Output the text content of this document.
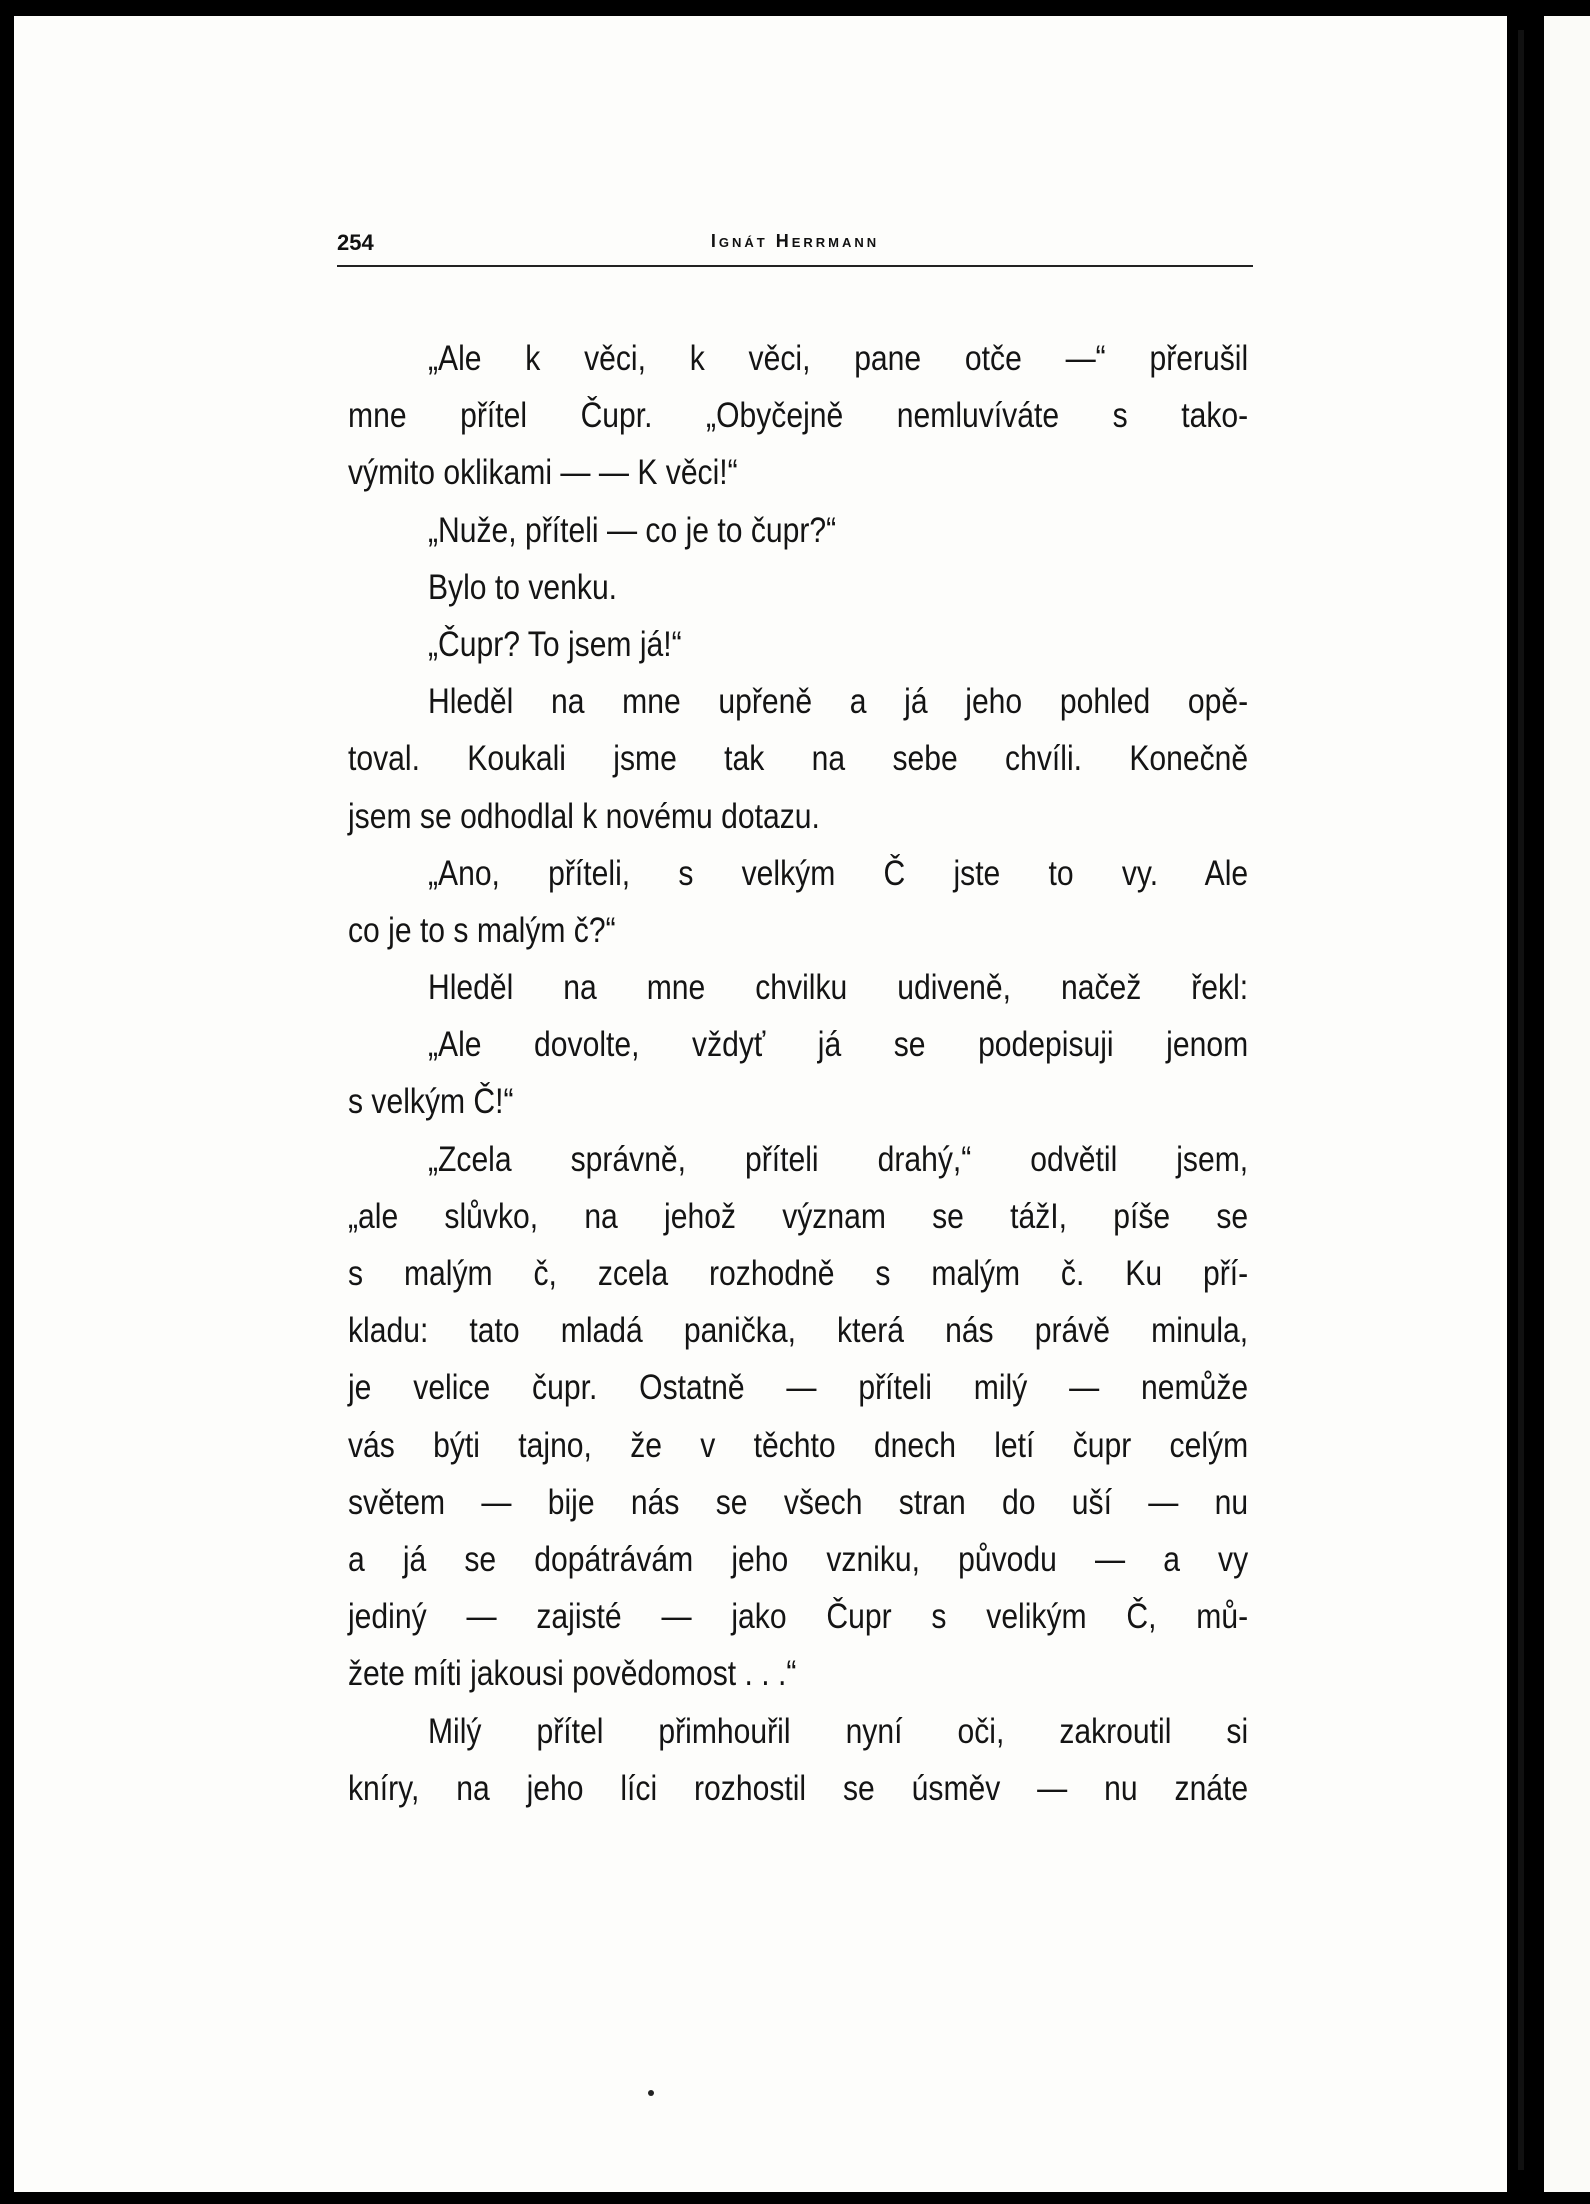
254	Ignát Herrmann
„Ale k věci, k věci, pane otče —“ přerušil
mne přítel Čupr. „Obyčejně nemluvíváte s tako-
výmito oklikami — — K věci!“
„Nuže, příteli — co je to čupr?“
Bylo to venku.
„Čupr? To jsem já!“
Hleděl na mne upřeně a já jeho pohled opě-
toval. Koukali jsme tak na sebe chvíli. Konečně
jsem se odhodlal k novému dotazu.
„Ano, příteli, s velkým Č jste to vy. Ale
co je to s malým č?“
Hleděl na mne chvilku udiveně, načež řekl:
„Ale dovolte, vždyť já se podepisuji jenom
s velkým Č!“
„Zcela správně, příteli drahý,“ odvětil jsem,
„ale slůvko, na jehož význam se tážI, píše se
s malým č, zcela rozhodně s malým č. Ku pří-
kladu: tato mladá panička, která nás právě minula,
je velice čupr. Ostatně — příteli milý — nemůže
vás býti tajno, že v těchto dnech letí čupr celým
světem — bije nás se všech stran do uší — nu
a já se dopátrávám jeho vzniku, původu — a vy
jediný — zajisté — jako Čupr s velikým Č, mů-
žete míti jakousi povědomost . . .“
Milý přítel přimhouřil nyní oči, zakroutil si
kníry, na jeho líci rozhostil se úsměv — nu znáte
